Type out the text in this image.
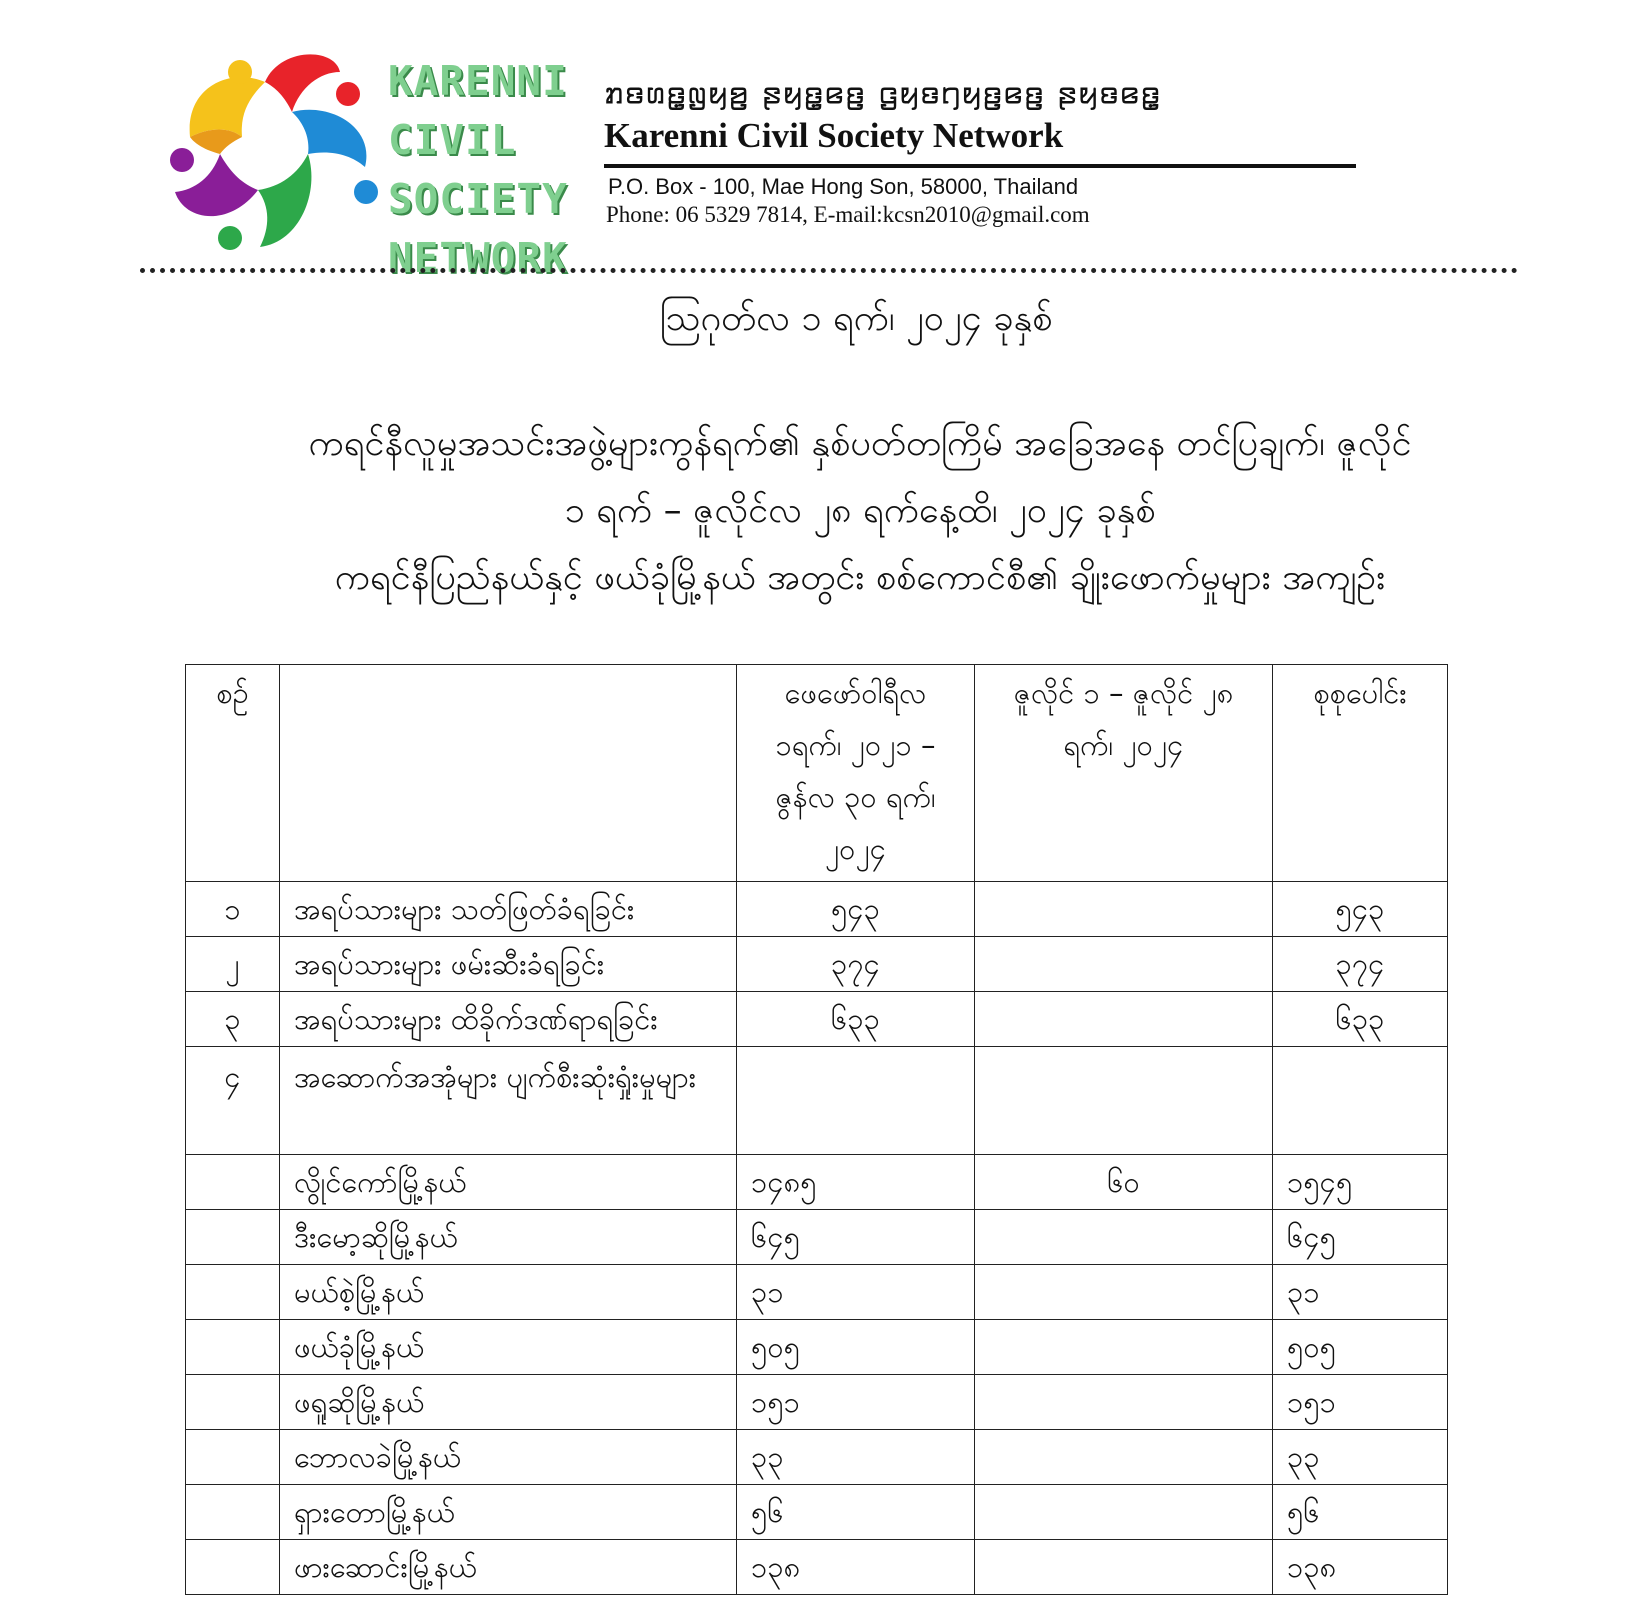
KARENNI
CIVIL
SOCIETY
NETWORK
ꤊꤢꤛꤢ꤭ꤜꤟꤤ꤬ ꤔꤟꤢ꤭ꤕꤢ꤬ ꤞꤟꤢꤚꤟꤢ꤬ꤕꤢ꤬ ꤔꤟꤢꤕꤢ꤭
Karenni Civil Society Network
P.O. Box - 100, Mae Hong Son, 58000, Thailand
Phone: 06 5329 7814, E-mail:kcsn2010@gmail.com
ဩဂုတ်လ ၁ ရက်၊ ၂၀၂၄ ခုနှစ်
ကရင်နီလူမှုအသင်းအဖွဲ့များကွန်ရက်၏ နှစ်ပတ်တကြိမ် အခြေအနေ တင်ပြချက်၊ ဇူလိုင်
၁ ရက် – ဇူလိုင်လ ၂၈ ရက်နေ့ထိ၊ ၂၀၂၄ ခုနှစ်
ကရင်နီပြည်နယ်နှင့် ဖယ်ခုံမြို့နယ် အတွင်း စစ်ကောင်စီ၏ ချိုးဖောက်မှုများ အကျဉ်း
စဉ်		ဖေဖော်ဝါရီလ ၁ရက်၊ ၂၀၂၁ – ဇွန်လ ၃၀ ရက်၊ ၂၀၂၄	ဇူလိုင် ၁ – ဇူလိုင် ၂၈ ရက်၊ ၂၀၂၄	စုစုပေါင်း
၁	အရပ်သားများ သတ်ဖြတ်ခံရခြင်း	၅၄၃		၅၄၃
၂	အရပ်သားများ ဖမ်းဆီးခံရခြင်း	၃၇၄		၃၇၄
၃	အရပ်သားများ ထိခိုက်ဒဏ်ရာရခြင်း	၆၃၃		၆၃၃
၄	အဆောက်အအုံများ ပျက်စီးဆုံးရှုံးမှုများ			
	လွိုင်ကော်မြို့နယ်	၁၄၈၅	၆၀	၁၅၄၅
	ဒီးမော့ဆိုမြို့နယ်	၆၄၅		၆၄၅
	မယ်စဲ့မြို့နယ်	၃၁		၃၁
	ဖယ်ခုံမြို့နယ်	၅၀၅		၅၀၅
	ဖရူဆိုမြို့နယ်	၁၅၁		၁၅၁
	ဘောလခဲမြို့နယ်	၃၃		၃၃
	ရှားတောမြို့နယ်	၅၆		၅၆
	ဖားဆောင်းမြို့နယ်	၁၃၈		၁၃၈
